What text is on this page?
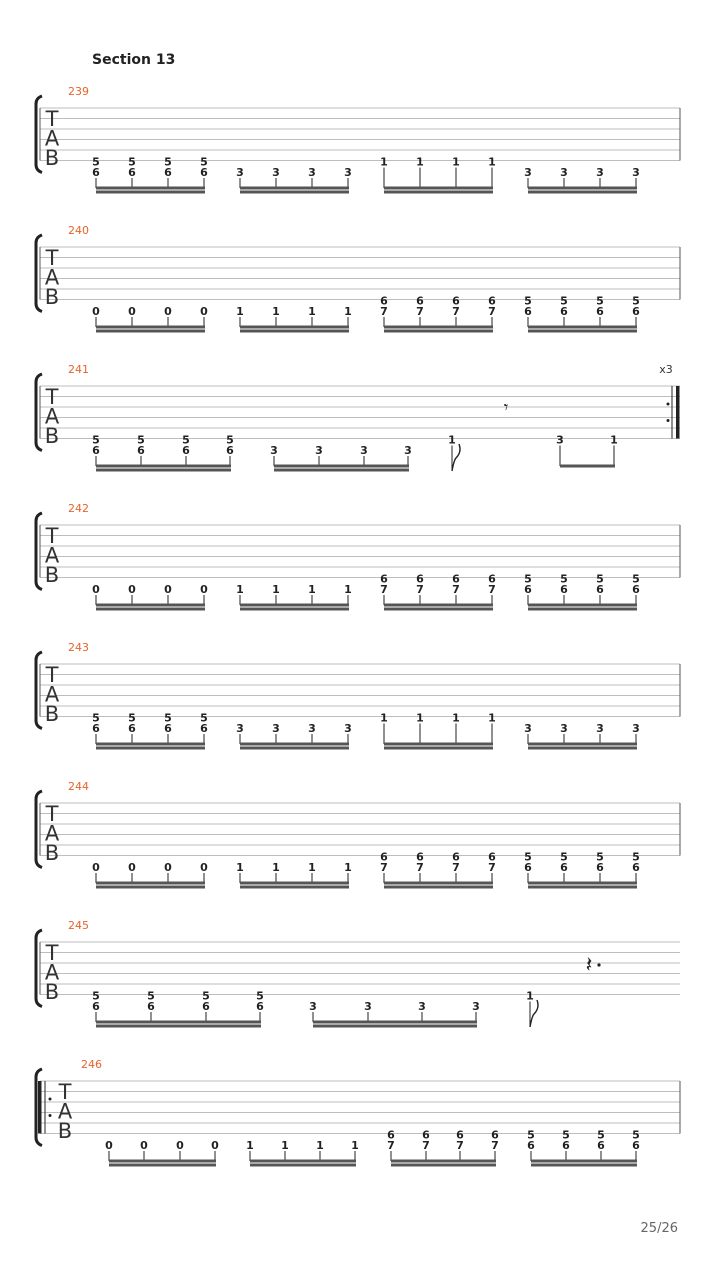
Section 13
239
T
A
B	5
6
5
6
5
6
5
6	3	3	3	3
1	1	1	1
3	3	3	3
240
T
A
B
0	0	0	0	1	1	1	1
6
7
6
7
6
7
6
7
5
6
5
6
5
6
5
6
241
T
A
B
x3
5
6
5
6
5
6
5
6	3	3	3	3
1	3	1
𝄾
242
T
A
B
0	0	0	0	1	1	1	1
6
7
6
7
6
7
6
7
5
6
5
6
5
6
5
6
243
T
A
B	5
6
5
6
5
6
5
6	3	3	3	3
1	1	1	1
3	3	3	3
244
T
A
B
0	0	0	0	1	1	1	1
6
7
6
7
6
7
6
7
5
6
5
6
5
6
5
6
245
T
A
B	5
6
5
6
5
6
5
6	3	3	3	3
1
𝄽
246
T
A
B
0 0	0 0 1 1 1 1
6
7
6
7
6
7
6
7
5
6
5
6
5
6
5
6
25/26
